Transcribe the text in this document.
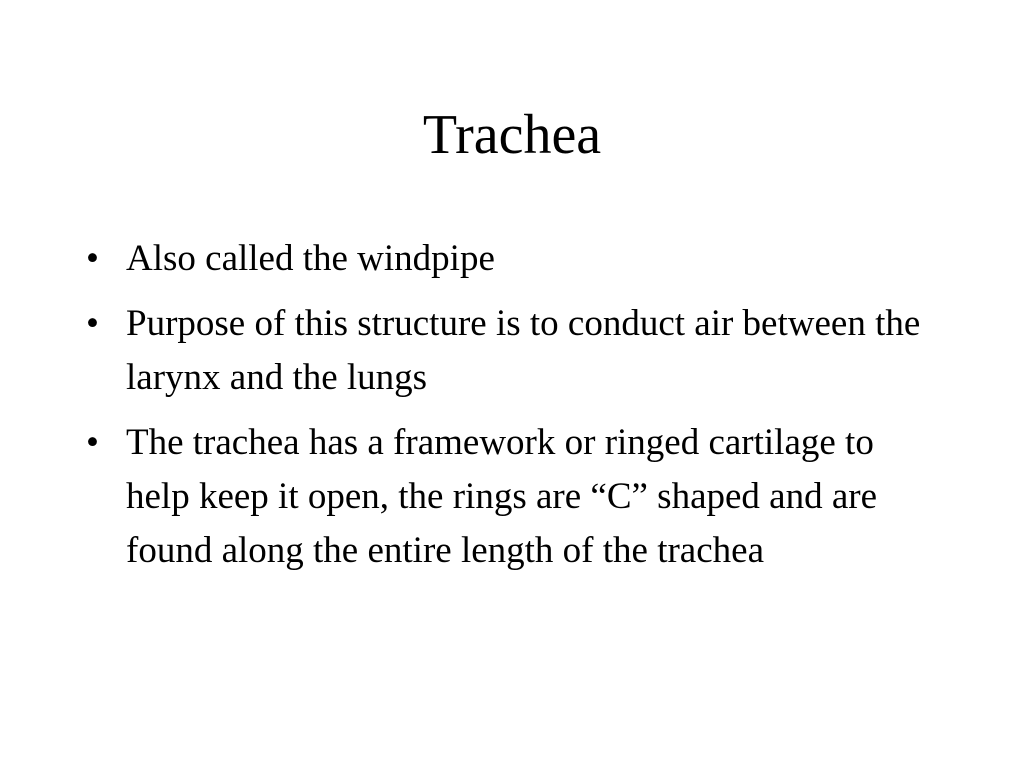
Trachea
• Also called the windpipe
• Purpose of this structure is to conduct air between the larynx and the lungs
• The trachea has a framework or ringed cartilage to help keep it open, the rings are “C” shaped and are found along the entire length of the trachea
